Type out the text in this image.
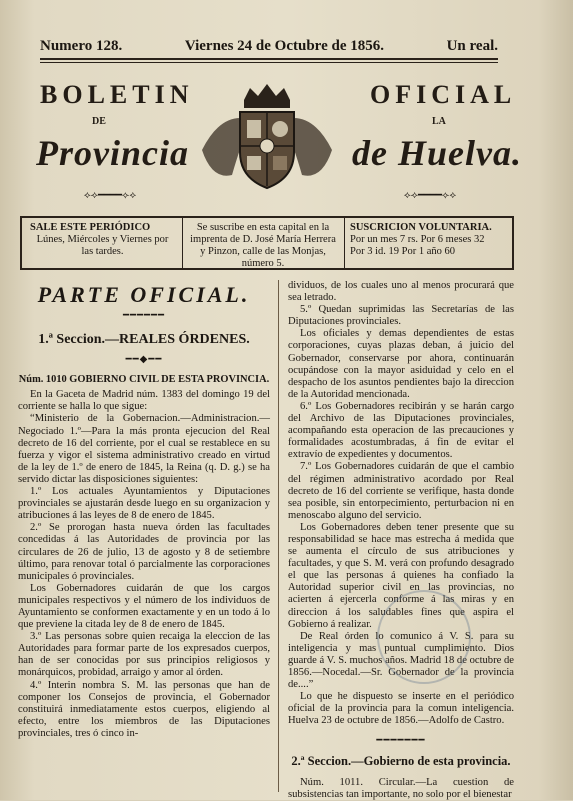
Numero 128.	Viernes 24 de Octubre de 1856.	Un real.
BOLETIN	OFICIAL
DE	LA
Provincia	de Huelva.
⟡⟢━━━━⟣⟡	⟡⟢━━━━⟣⟡
SALE ESTE PERIÓDICO
Lúnes, Miércoles y Viernes por las tardes.
Se suscribe en esta capital en la imprenta de D. José María Herrera y Pinzon, calle de las Monjas, número 5.
SUSCRICION VOLUNTARIA.
Por un mes 7 rs. Por 6 meses 32
Por 3 id. 19 Por 1 año 60
PARTE OFICIAL.
━━━━━━
1.ª Seccion.—REALES ÓRDENES.
━━◆━━
Núm. 1010 GOBIERNO CIVIL DE ESTA PROVINCIA.

En la Gaceta de Madrid núm. 1383 del domingo 19 del corriente se halla lo que sigue:

“Ministerio de la Gobernacion.—Administracion.—Negociado 1.º—Para la más pronta ejecucion del Real decreto de 16 del corriente, por el cual se restablece en su fuerza y vigor el sistema administrativo creado en virtud de la ley de 1.º de enero de 1845, la Reina (q. D. g.) se ha servido dictar las disposiciones siguientes:

1.º Los actuales Ayuntamientos y Diputaciones provinciales se ajustarán desde luego en su organizacion y atribuciones á las leyes de 8 de enero de 1845.

2.º Se prorogan hasta nueva órden las facultades concedidas á las Autoridades de provincia por las circulares de 26 de julio, 13 de agosto y 8 de setiembre último, para renovar total ó parcialmente las corporaciones municipales ó provinciales.

Los Gobernadores cuidarán de que los cargos municipales respectivos y el número de los individuos de Ayuntamiento se conformen exactamente y en un todo á lo que previene la citada ley de 8 de enero de 1845.

3.º Las personas sobre quien recaiga la eleccion de las Autoridades para formar parte de los expresados cuerpos, han de ser conocidas por sus principios religiosos y monárquicos, probidad, arraigo y amor al órden.

4.º Interin nombra S. M. las personas que han de componer los Consejos de provincia, el Gobernador constituirá inmediatamente estos cuerpos, eligiendo al efecto, entre los miembros de las Diputaciones provinciales, tres ó cinco in-

dividuos, de los cuales uno al menos procurará que sea letrado.

5.º Quedan suprimidas las Secretarías de las Diputaciones provinciales.

Los oficiales y demas dependientes de estas corporaciones, cuyas plazas deban, á juicio del Gobernador, conservarse por ahora, continuarán ocupándose con la mayor asiduidad y celo en el despacho de los asuntos pendientes bajo la direccion de la Autoridad mencionada.

6.º Los Gobernadores recibirán y se harán cargo del Archivo de las Diputaciones provinciales, acompañando esta operacion de las precauciones y formalidades acostumbradas, á fin de evitar el extravío de expedientes y documentos.

7.º Los Gobernadores cuidarán de que el cambio del régimen administrativo acordado por Real decreto de 16 del corriente se verifique, hasta donde sea posible, sin entorpecimiento, perturbacion ni en menoscabo alguno del servicio.

Los Gobernadores deben tener presente que su responsabilidad se hace mas estrecha á medida que se aumenta el círculo de sus atribuciones y facultades, y que S. M. verá con profundo desagrado el que las personas á quienes ha confiado la Autoridad superior civil en las provincias, no acierten á ejercerla conforme á las miras y en direccion á los saludables fines que aspira el Gobierno á realizar.

De Real órden lo comunico á V. S. para su inteligencia y mas puntual cumplimiento. Dios guarde á V. S. muchos años. Madrid 18 de octubre de 1856.—Nocedal.—Sr. Gobernador de la provincia de....”

Lo que he dispuesto se inserte en el periódico oficial de la provincia para la comun inteligencia. Huelva 23 de octubre de 1856.—Adolfo de Castro.

━━━━━━━
2.ª Seccion.—Gobierno de esta provincia.

Núm. 1011. Circular.—La cuestion de subsistencias tan importante, no solo por el bienestar
